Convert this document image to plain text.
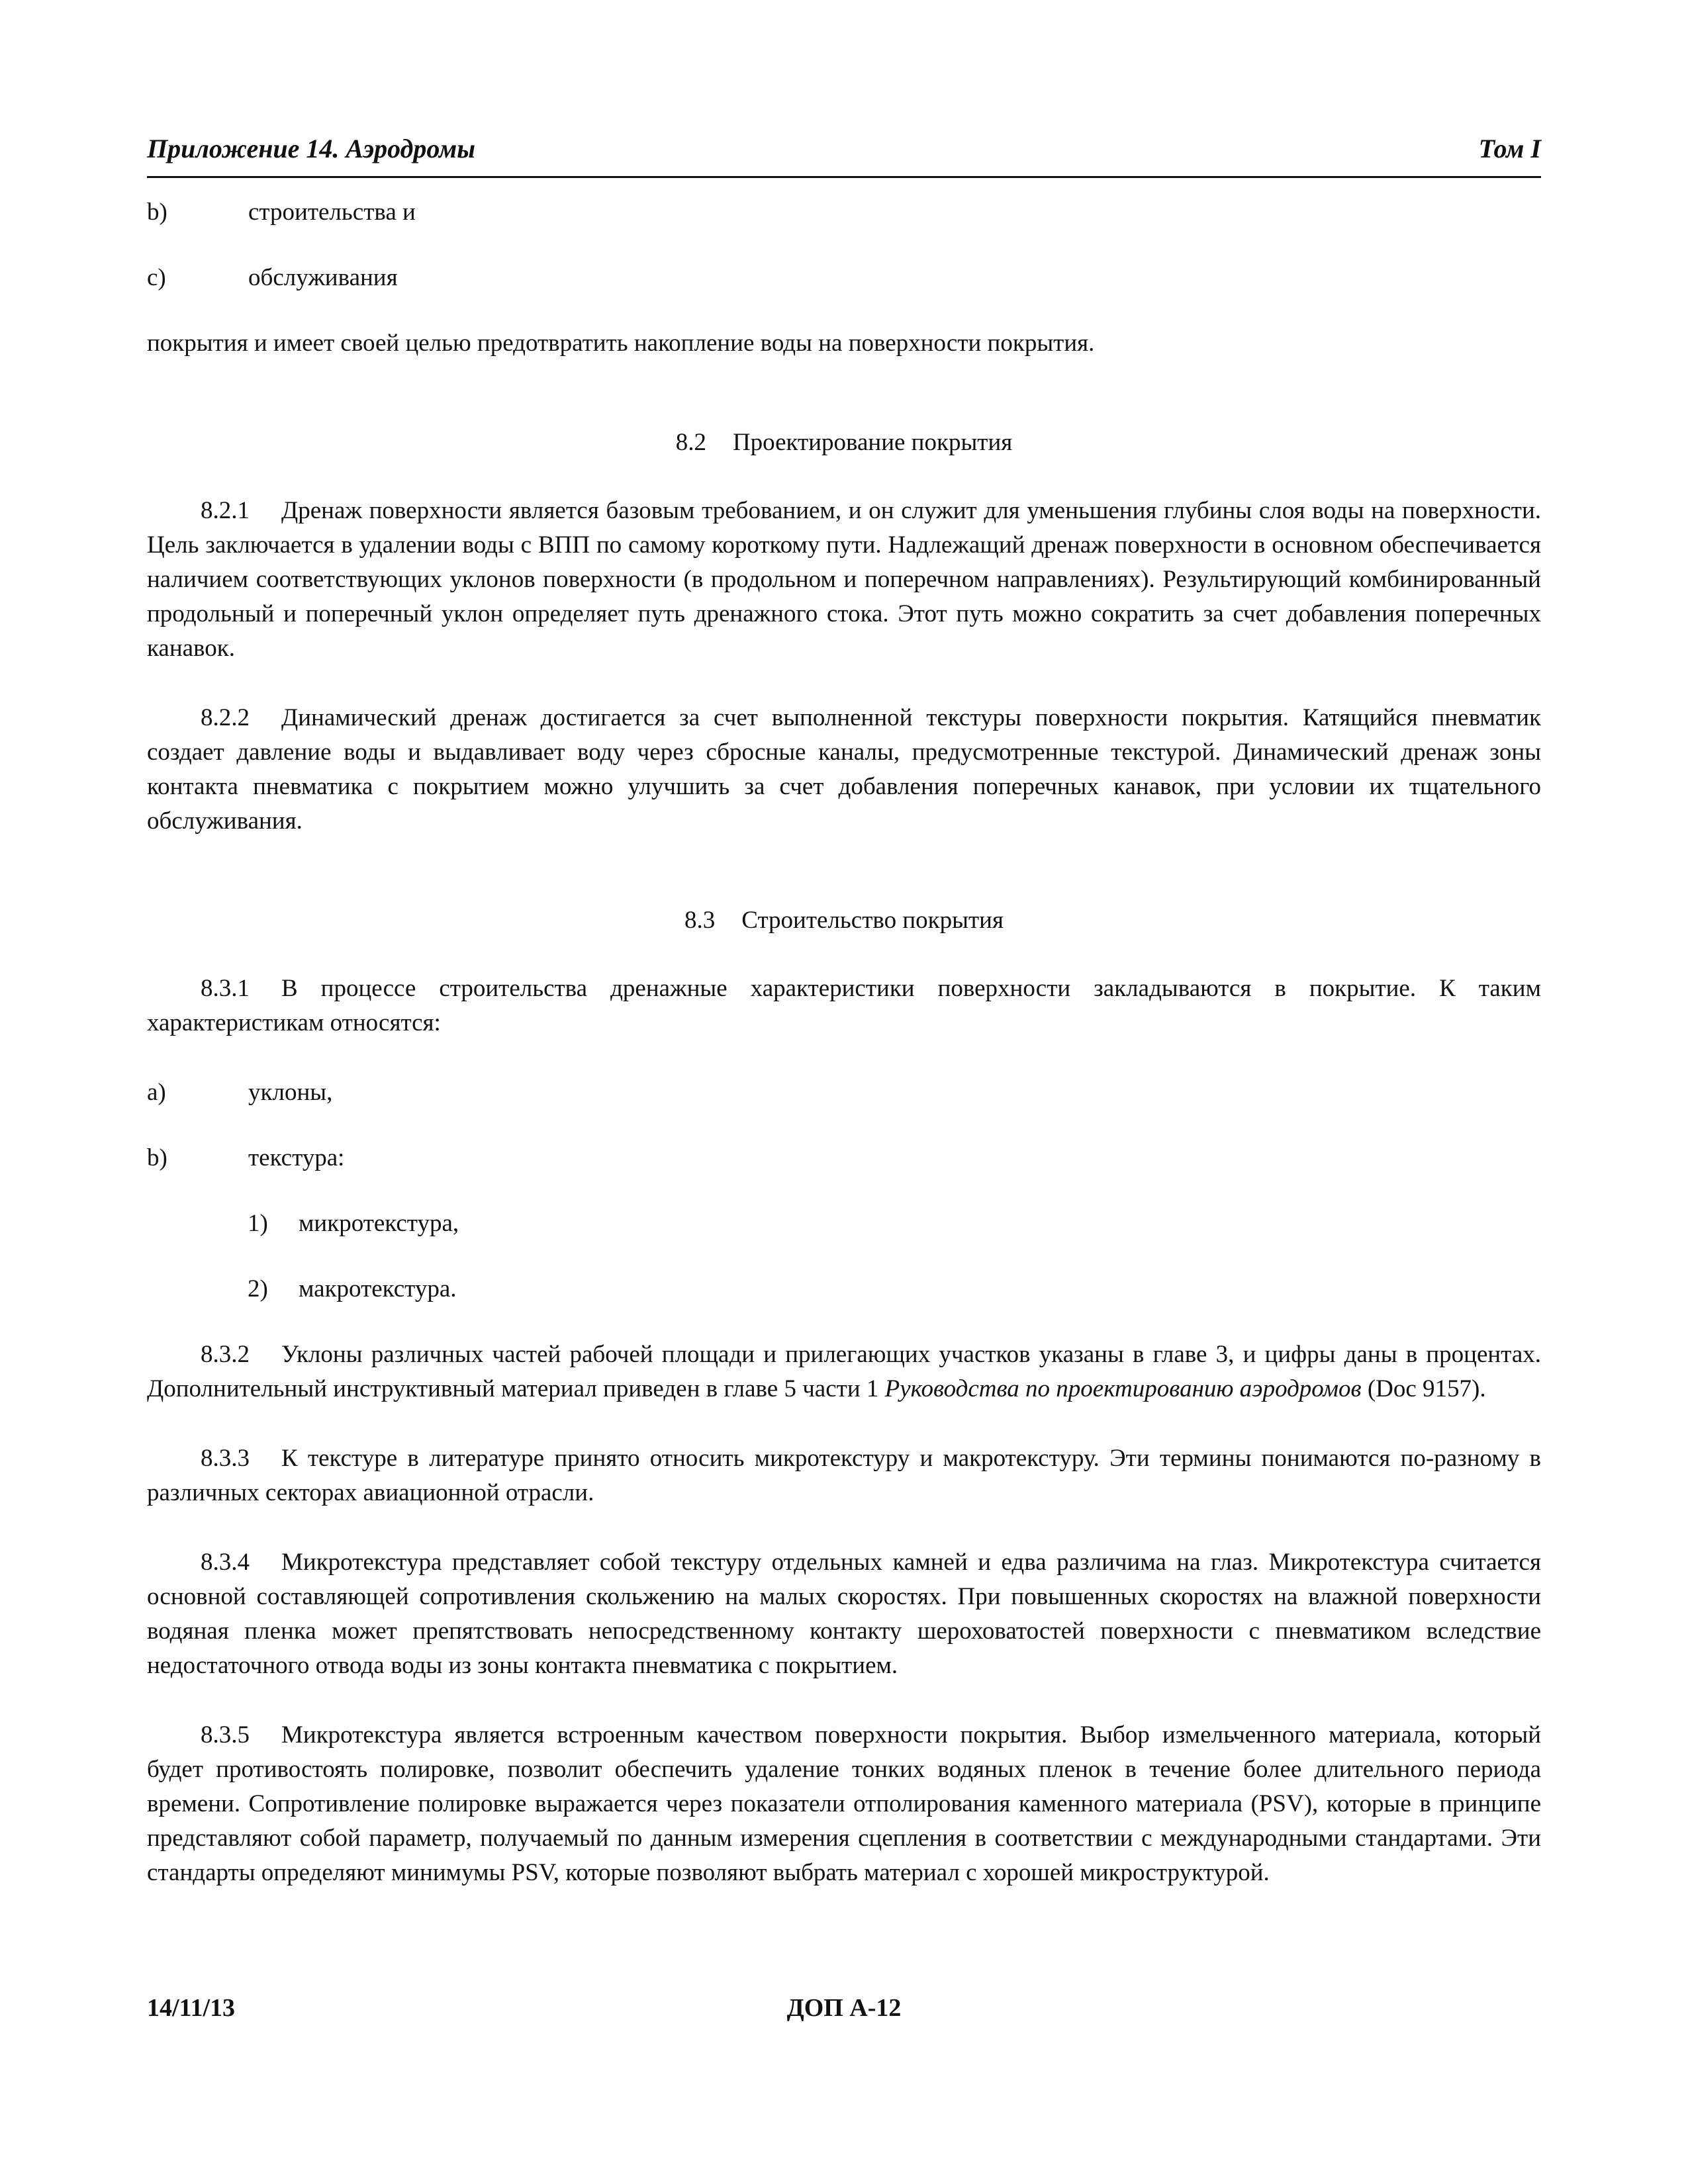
Приложение 14. Аэродромы	Том I
b)	строительства и
c)	обслуживания

покрытия и имеет своей целью предотвратить накопление воды на поверхности покрытия.

8.2 Проектирование покрытия

8.2.1 Дренаж поверхности является базовым требованием, и он служит для уменьшения глубины слоя воды на поверхности. Цель заключается в удалении воды с ВПП по самому короткому пути. Надлежащий дренаж поверхности в основном обеспечивается наличием соответствующих уклонов поверхности (в продольном и поперечном направлениях). Результирующий комбинированный продольный и поперечный уклон определяет путь дренажного стока. Этот путь можно сократить за счет добавления поперечных канавок.

8.2.2 Динамический дренаж достигается за счет выполненной текстуры поверхности покрытия. Катящийся пневматик создает давление воды и выдавливает воду через сбросные каналы, предусмотренные текстурой. Динамический дренаж зоны контакта пневматика с покрытием можно улучшить за счет добавления поперечных канавок, при условии их тщательного обслуживания.

8.3 Строительство покрытия

8.3.1 В процессе строительства дренажные характеристики поверхности закладываются в покрытие. К таким характеристикам относятся:

a)	уклоны,
b)	текстура:
1) микротекстура,
2) макротекстура.

8.3.2 Уклоны различных частей рабочей площади и прилегающих участков указаны в главе 3, и цифры даны в процентах. Дополнительный инструктивный материал приведен в главе 5 части 1 Руководства по проектированию аэродромов (Doc 9157).

8.3.3 К текстуре в литературе принято относить микротекстуру и макротекстуру. Эти термины понимаются по-разному в различных секторах авиационной отрасли.

8.3.4 Микротекстура представляет собой текстуру отдельных камней и едва различима на глаз. Микротекстура считается основной составляющей сопротивления скольжению на малых скоростях. При повышенных скоростях на влажной поверхности водяная пленка может препятствовать непосредственному контакту шероховатостей поверхности с пневматиком вследствие недостаточного отвода воды из зоны контакта пневматика с покрытием.

8.3.5 Микротекстура является встроенным качеством поверхности покрытия. Выбор измельченного материала, который будет противостоять полировке, позволит обеспечить удаление тонких водяных пленок в течение более длительного периода времени. Сопротивление полировке выражается через показатели отполирования каменного материала (PSV), которые в принципе представляют собой параметр, получаемый по данным измерения сцепления в соответствии с международными стандартами. Эти стандарты определяют минимумы PSV, которые позволяют выбрать материал с хорошей микроструктурой.

14/11/13	ДОП А-12
